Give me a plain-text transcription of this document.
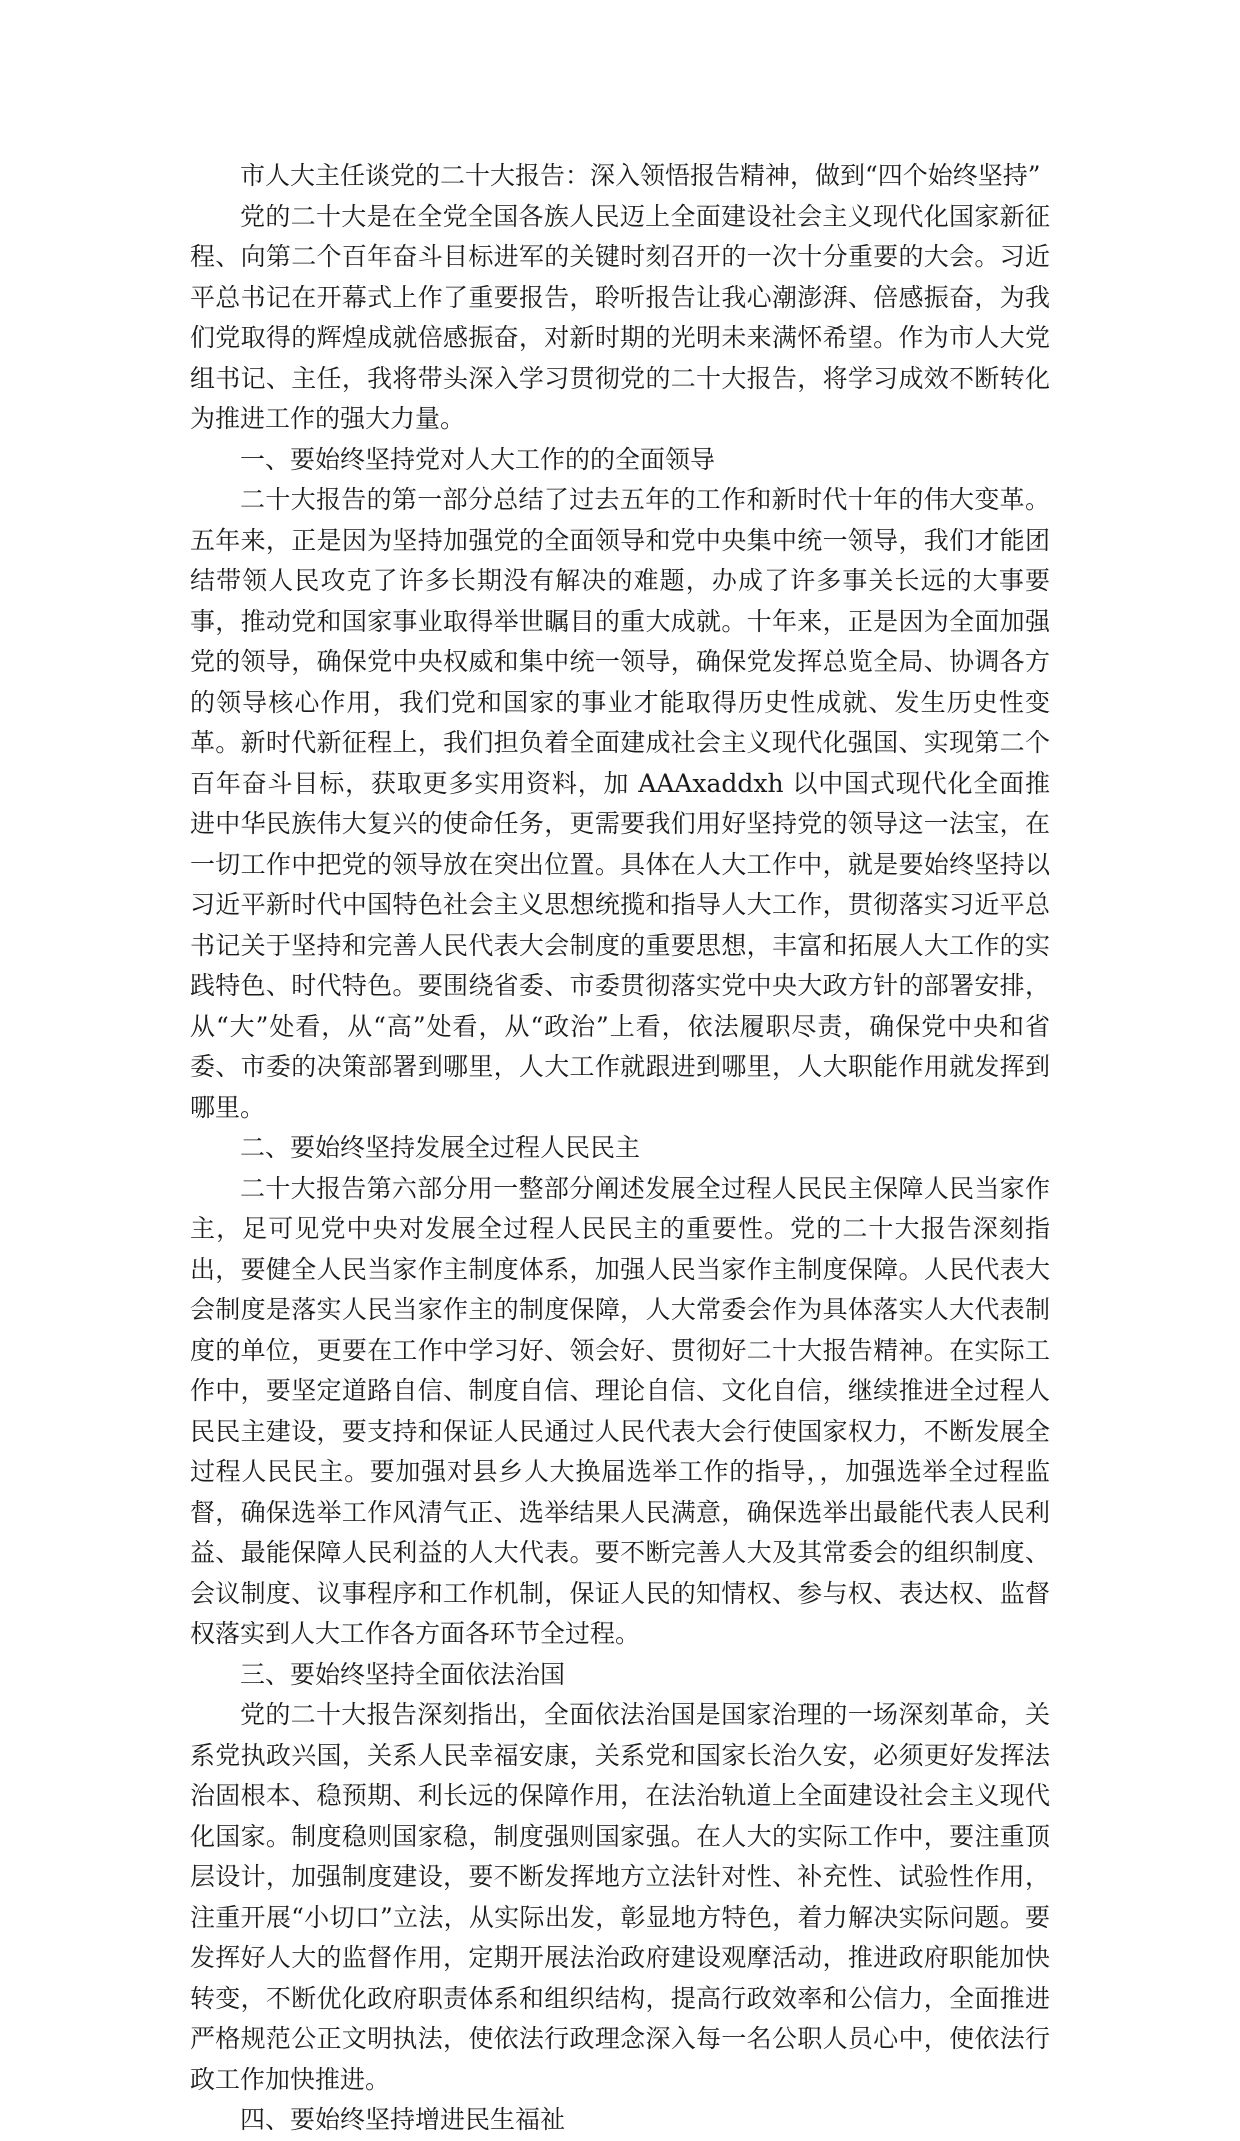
市人大主任谈党的二十大报告：深入领悟报告精神，做到“四个始终坚持”

党的二十大是在全党全国各族人民迈上全面建设社会主义现代化国家新征程、向第二个百年奋斗目标进军的关键时刻召开的一次十分重要的大会。习近平总书记在开幕式上作了重要报告，聆听报告让我心潮澎湃、倍感振奋，为我们党取得的辉煌成就倍感振奋，对新时期的光明未来满怀希望。作为市人大党组书记、主任，我将带头深入学习贯彻党的二十大报告，将学习成效不断转化为推进工作的强大力量。

一、要始终坚持党对人大工作的的全面领导

二十大报告的第一部分总结了过去五年的工作和新时代十年的伟大变革。五年来，正是因为坚持加强党的全面领导和党中央集中统一领导，我们才能团结带领人民攻克了许多长期没有解决的难题，办成了许多事关长远的大事要事，推动党和国家事业取得举世瞩目的重大成就。十年来，正是因为全面加强党的领导，确保党中央权威和集中统一领导，确保党发挥总览全局、协调各方的领导核心作用，我们党和国家的事业才能取得历史性成就、发生历史性变革。新时代新征程上，我们担负着全面建成社会主义现代化强国、实现第二个百年奋斗目标，获取更多实用资料，加 AAAxaddxh 以中国式现代化全面推进中华民族伟大复兴的使命任务，更需要我们用好坚持党的领导这一法宝，在一切工作中把党的领导放在突出位置。具体在人大工作中，就是要始终坚持以习近平新时代中国特色社会主义思想统揽和指导人大工作，贯彻落实习近平总书记关于坚持和完善人民代表大会制度的重要思想，丰富和拓展人大工作的实践特色、时代特色。要围绕省委、市委贯彻落实党中央大政方针的部署安排，从“大”处看，从“高”处看，从“政治”上看，依法履职尽责，确保党中央和省委、市委的决策部署到哪里，人大工作就跟进到哪里，人大职能作用就发挥到哪里。

二、要始终坚持发展全过程人民民主

二十大报告第六部分用一整部分阐述发展全过程人民民主保障人民当家作主，足可见党中央对发展全过程人民民主的重要性。党的二十大报告深刻指出，要健全人民当家作主制度体系，加强人民当家作主制度保障。人民代表大会制度是落实人民当家作主的制度保障，人大常委会作为具体落实人大代表制度的单位，更要在工作中学习好、领会好、贯彻好二十大报告精神。在实际工作中，要坚定道路自信、制度自信、理论自信、文化自信，继续推进全过程人民民主建设，要支持和保证人民通过人民代表大会行使国家权力，不断发展全过程人民民主。要加强对县乡人大换届选举工作的指导，，加强选举全过程监督，确保选举工作风清气正、选举结果人民满意，确保选举出最能代表人民利益、最能保障人民利益的人大代表。要不断完善人大及其常委会的组织制度、会议制度、议事程序和工作机制，保证人民的知情权、参与权、表达权、监督权落实到人大工作各方面各环节全过程。

三、要始终坚持全面依法治国

党的二十大报告深刻指出，全面依法治国是国家治理的一场深刻革命，关系党执政兴国，关系人民幸福安康，关系党和国家长治久安，必须更好发挥法治固根本、稳预期、利长远的保障作用，在法治轨道上全面建设社会主义现代化国家。制度稳则国家稳，制度强则国家强。在人大的实际工作中，要注重顶层设计，加强制度建设，要不断发挥地方立法针对性、补充性、试验性作用，注重开展“小切口”立法，从实际出发，彰显地方特色，着力解决实际问题。要发挥好人大的监督作用，定期开展法治政府建设观摩活动，推进政府职能加快转变，不断优化政府职责体系和组织结构，提高行政效率和公信力，全面推进严格规范公正文明执法，使依法行政理念深入每一名公职人员心中，使依法行政工作加快推进。

四、要始终坚持增进民生福祉
